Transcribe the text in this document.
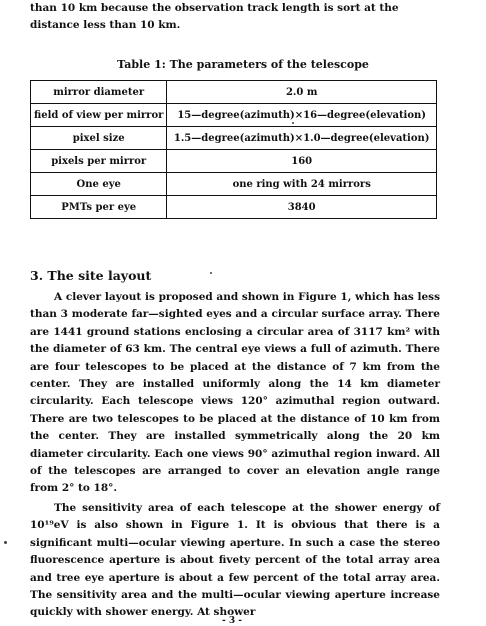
than 10 km because the observation track length is sort at the distance less than 10 km.
Table 1: The parameters of the telescope
mirror diameter	2.0 m
field of view per mirror	15—degree(azimuth)×16—degree(elevation)
pixel size	1.5—degree(azimuth)×1.0—degree(elevation)
pixels per mirror	160
One eye	one ring with 24 mirrors
PMTs per eye	3840
3. The site layout

A clever layout is proposed and shown in Figure 1, which has less than 3 moderate far—sighted eyes and a circular surface array. There are 1441 ground stations enclosing a circular area of 3117 km² with the diameter of 63 km. The central eye views a full of azimuth. There are four telescopes to be placed at the distance of 7 km from the center. They are installed uniformly along the 14 km diameter circularity. Each telescope views 120° azimuthal region outward. There are two telescopes to be placed at the distance of 10 km from the center. They are installed symmetrically along the 20 km diameter circularity. Each one views 90° azimuthal region inward. All of the telescopes are arranged to cover an elevation angle range from 2° to 18°.

The sensitivity area of each telescope at the shower energy of 10¹⁹eV is also shown in Figure 1. It is obvious that there is a significant multi—ocular viewing aperture. In such a case the stereo fluorescence aperture is about fivety percent of the total array area and tree eye aperture is about a few percent of the total array area. The sensitivity area and the multi—ocular viewing aperture increase quickly with shower energy. At shower

- 3 -
